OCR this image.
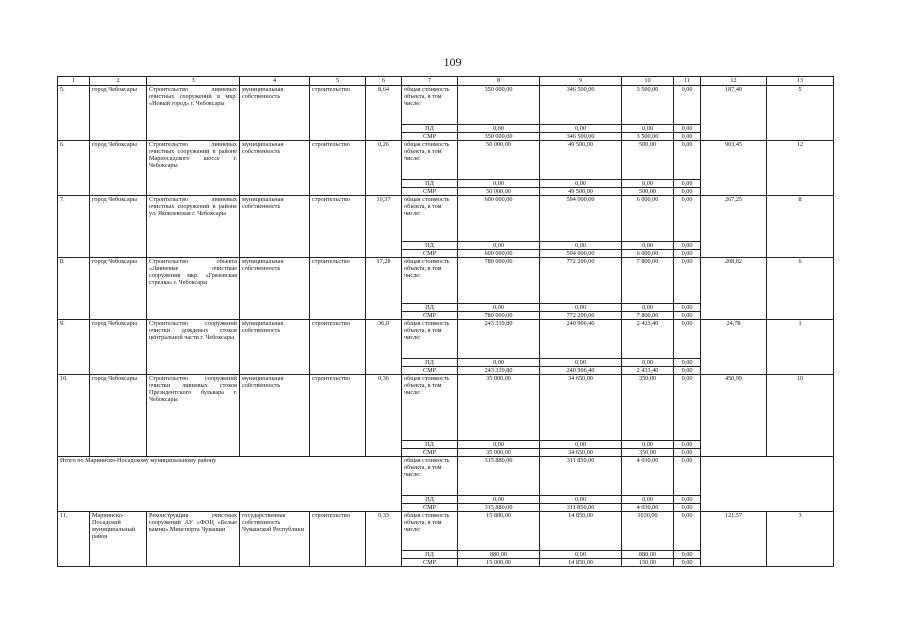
109
1	2	3	4	5	6	7	8	9	10	11	12	13
5.	город Чебоксары	Строительство ливневых очистных сооружений в мкр. «Новый город» г. Чебоксары	муниципальная собственность	строительство	8,64	общая стоимость объекта, в том числе:	350 000,00	346 500,00	3 500,00	0,00	187,40	5
						ПД	0,00	0,00	0,00	0,00		
						СМР	350 000,00	346 500,00	3 500,00	0,00		
6.	город Чебоксары	Строительство ливневых очистных сооружений в районе Марпосадского шоссе г. Чебоксары	муниципальная собственность	строительство	0,26	общая стоимость объекта, в том числе:	50 000,00	49 500,00	500,00	0,00	903,45	12
						ПД	0,00	0,00	0,00	0,00		
						СМР	50 000,00	49 500,00	500,00	0,00		
7.	город Чебоксары	Строительство ливневых очистных сооружений в районе ул. Яковлевская г. Чебоксары	муниципальная собственность	строительство	10,37	общая стоимость объекта, в том числе:	600 000,00	594 000,00	6 000,00	0,00	267,25	8
						ПД	0,00	0,00	0,00	0,00		
						СМР	600 000,00	594 000,00	6 000,00	0,00		
8.	город Чебоксары	Строительство объекта «Ливневые очистные сооружения мкр. «Грязевская стрелка» г. Чебоксары	муниципальная собственность	строительство	17,28	общая стоимость объекта, в том числе:	780 000,00	772 200,00	7 800,00	0,00	208,82	6
						ПД	0,00	0,00	0,00	0,00		
						СМР	780 000,00	772 200,00	7 800,00	0,00		
9.	город Чебоксары	Строительство сооружений очистки дождевых стоков центральной части г. Чебоксары	муниципальная собственность	строительство	36,0	общая стоимость объекта, в том числе:	243 339,80	240 906,40	2 433,40	0,00	24,78	1
						ПД	0,00	0,00	0,00	0,00		
						СМР	243 339,80	240 906,40	2 433,40	0,00		
10.	город Чебоксары	Строительство сооружений очистки ливневых стоков Президентского бульвара г. Чебоксары	муниципальная собственность	строительство	0,36	общая стоимость объекта, в том числе:	35 000,00	34 650,00	350,00	0,00	450,99	10
						ПД	0,00	0,00	0,00	0,00		
						СМР	35 000,00	34 650,00	350,00	0,00		
Итого по Мариинско-Посадскому муниципальному району						общая стоимость объекта, в том числе:	315 880,00	311 850,00	4 030,00	0,00		
						ПД	0,00	0,00	0,00	0,00		
						СМР	315 880,00	311 850,00	4 030,00	0,00		
11.	Мариинско-Посадский муниципальный район	Реконструкция очистных сооружений АУ «ФОЦ «Белые камни» Минспорта Чувашии	государственная собственность Чувашской Республики	строительство	0,33	общая стоимость объекта, в том числе:	15 880,00	14 850,00	1030,00	0,00	121,57	3
						ПД	880,00	0,00	880,00	0,00		
						СМР	15 000,00	14 850,00	150,00	0,00		
